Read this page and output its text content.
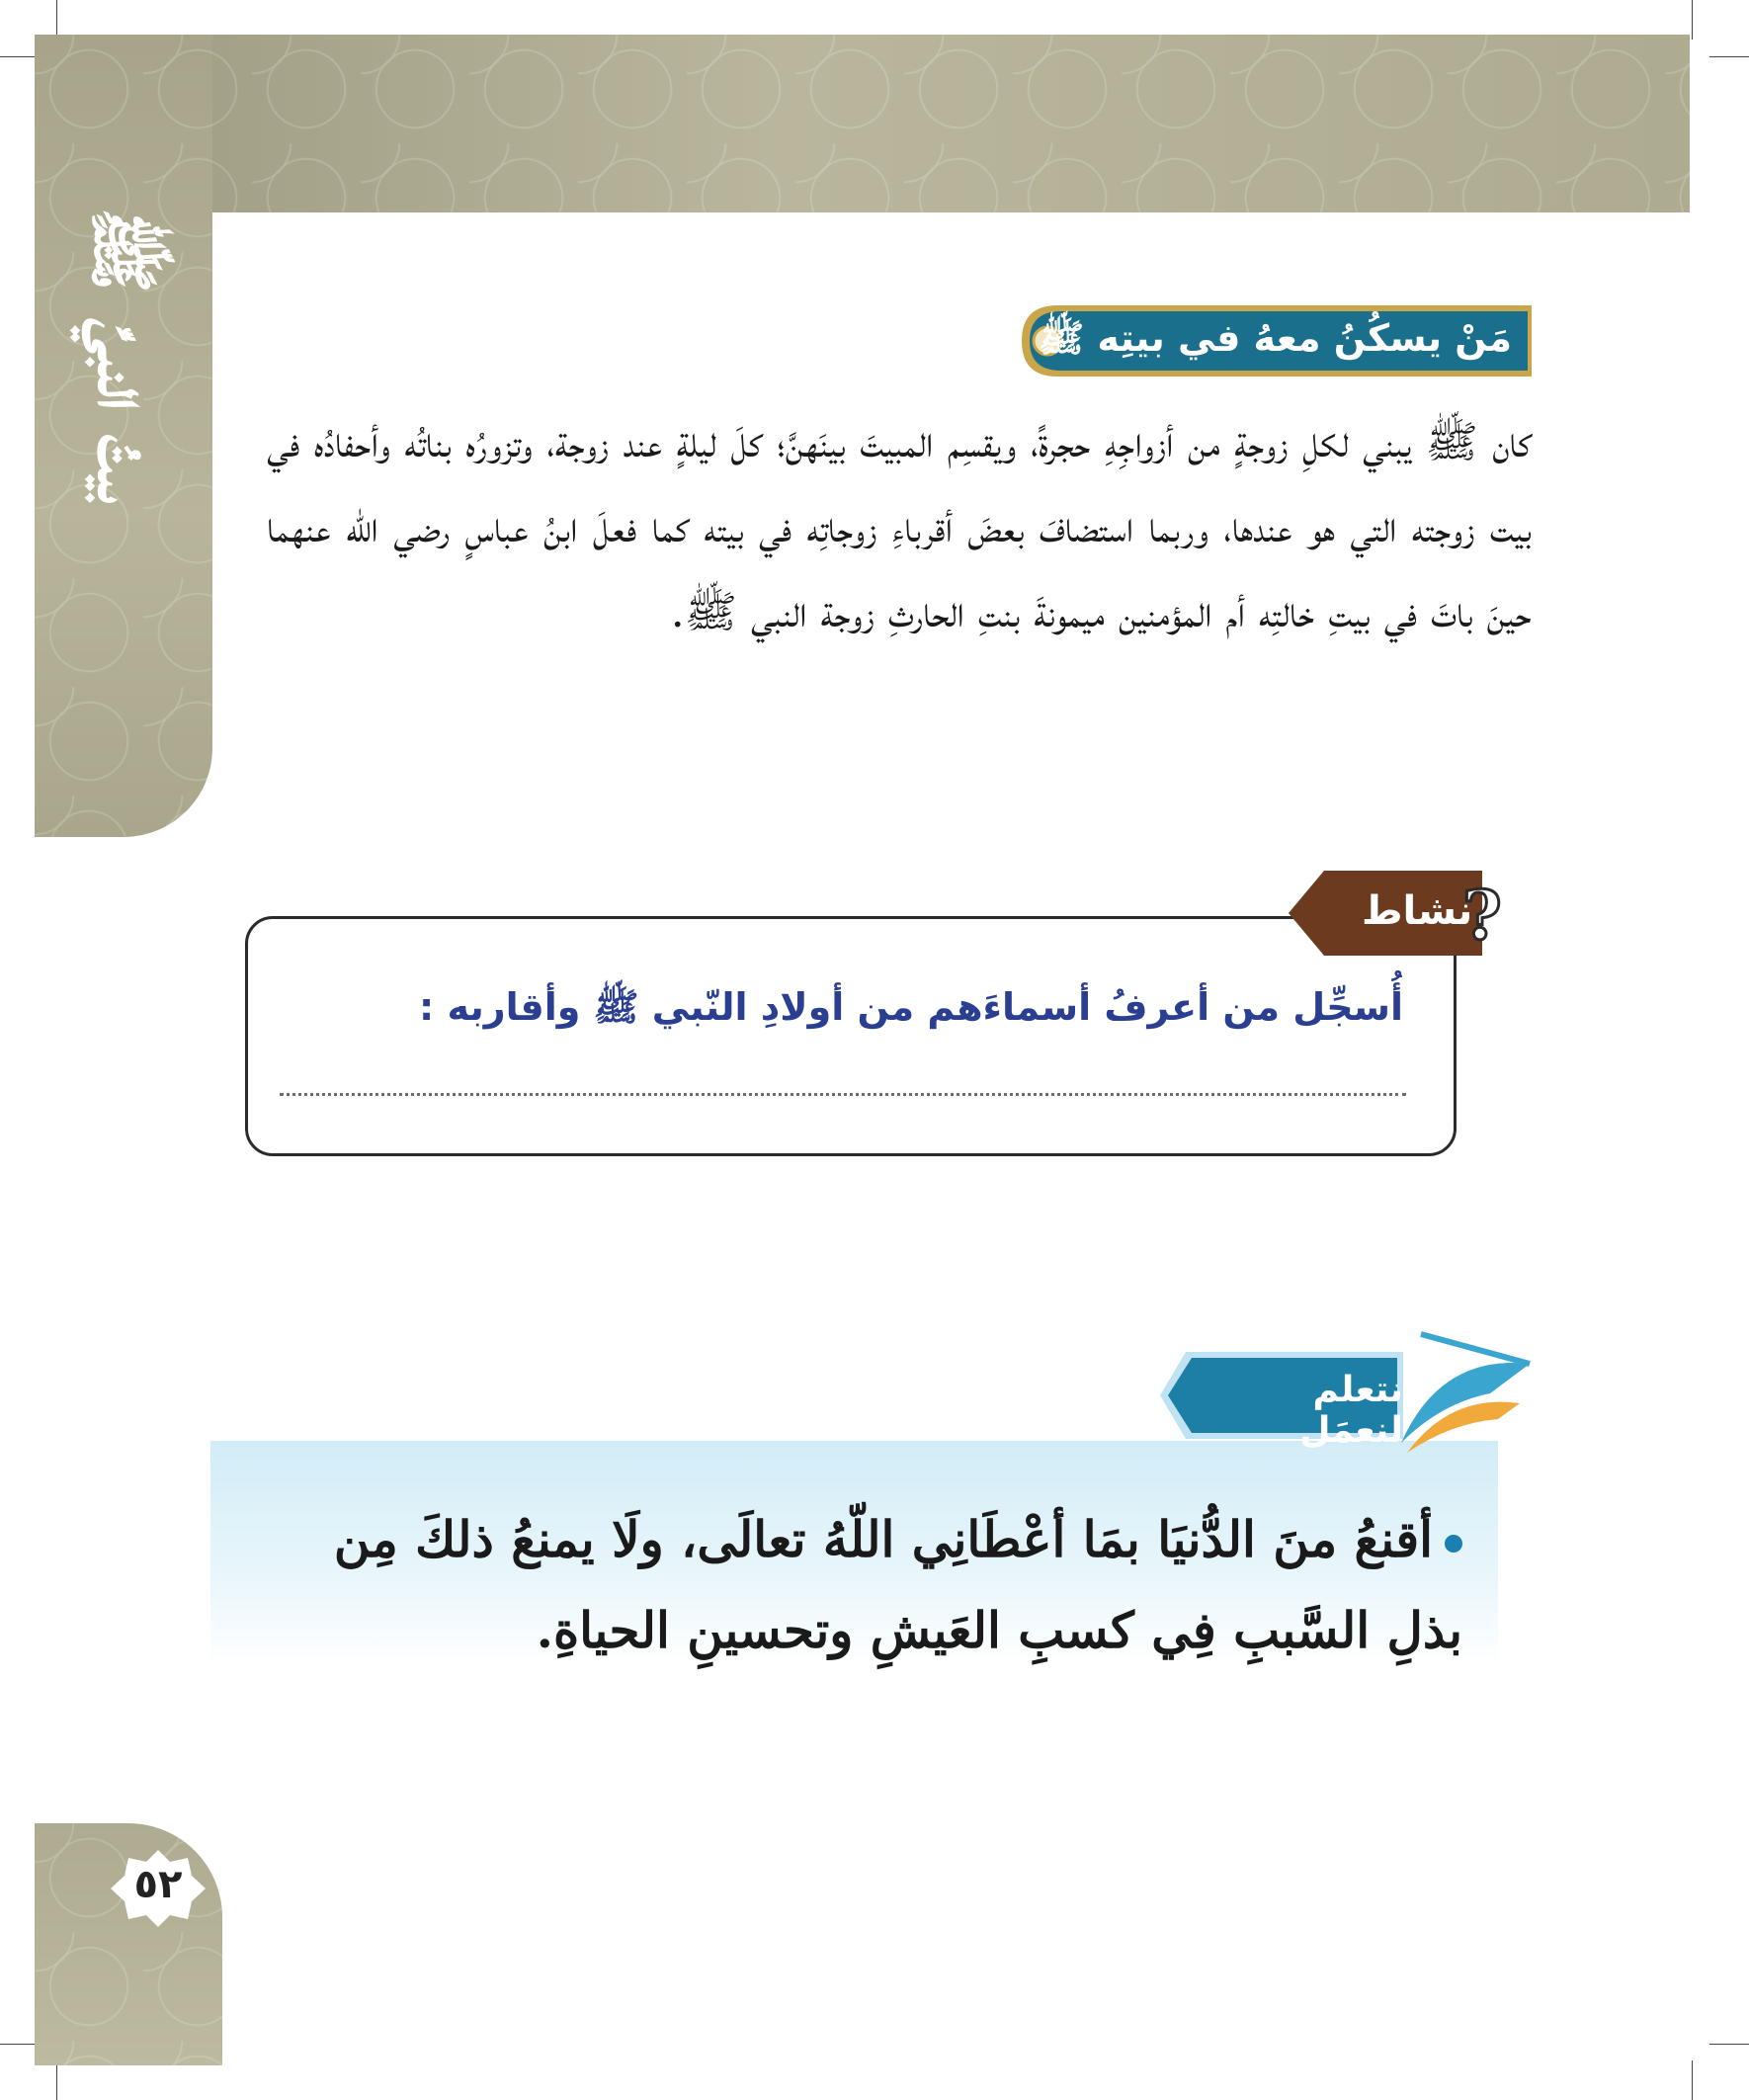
بيتُ النبيِّ ﷺ	مَنْ يسكُنُ معهُ في بيتِه ﷺ
كان ﷺ يبني لكلِ زوجةٍ من أزواجِهِ حجرةً، ويقسِم المبيتَ بينَهنَّ؛ كلَ ليلةٍ عند زوجة، وتزورُه بناتُه وأحفادُه في بيت زوجته التي هو عندها، وربما استضافَ بعضَ أقرباءِ زوجاتِه في بيته كما فعلَ ابنُ عباسٍ رضي الله عنهما حينَ باتَ في بيتِ خالتِه أم المؤمنين ميمونةَ بنتِ الحارثِ زوجة النبي ﷺ.
نشاط
?
أُسجِّل من أعرفُ أسماءَهم من أولادِ النّبي ﷺ وأقاربه :
نتعلم لنعمَل
أقنعُ منَ الدُّنيَا بمَا أعْطَانِي اللّهُ تعالَى، ولَا يمنعُ ذلكَ مِن بذلِ السَّببِ فِي كسبِ العَيشِ وتحسينِ الحياةِ.
٥٢
